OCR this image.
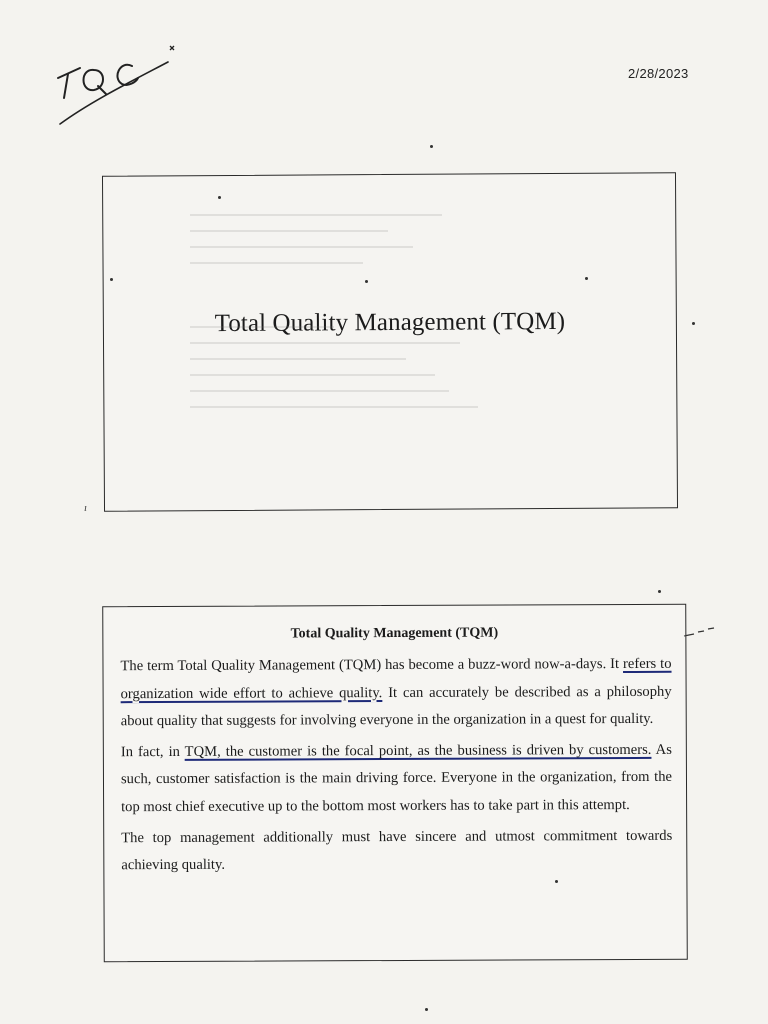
2/28/2023
Total Quality Management (TQM)
ı
Total Quality Management (TQM)

The term Total Quality Management (TQM) has become a buzz-word now-a-days. It refers to organization wide effort to achieve quality. It can accurately be described as a philosophy about quality that suggests for involving everyone in the organization in a quest for quality.

In fact, in TQM, the customer is the focal point, as the business is driven by customers. As such, customer satisfaction is the main driving force. Everyone in the organization, from the top most chief executive up to the bottom most workers has to take part in this attempt.

The top management additionally must have sincere and utmost commitment towards achieving quality.
